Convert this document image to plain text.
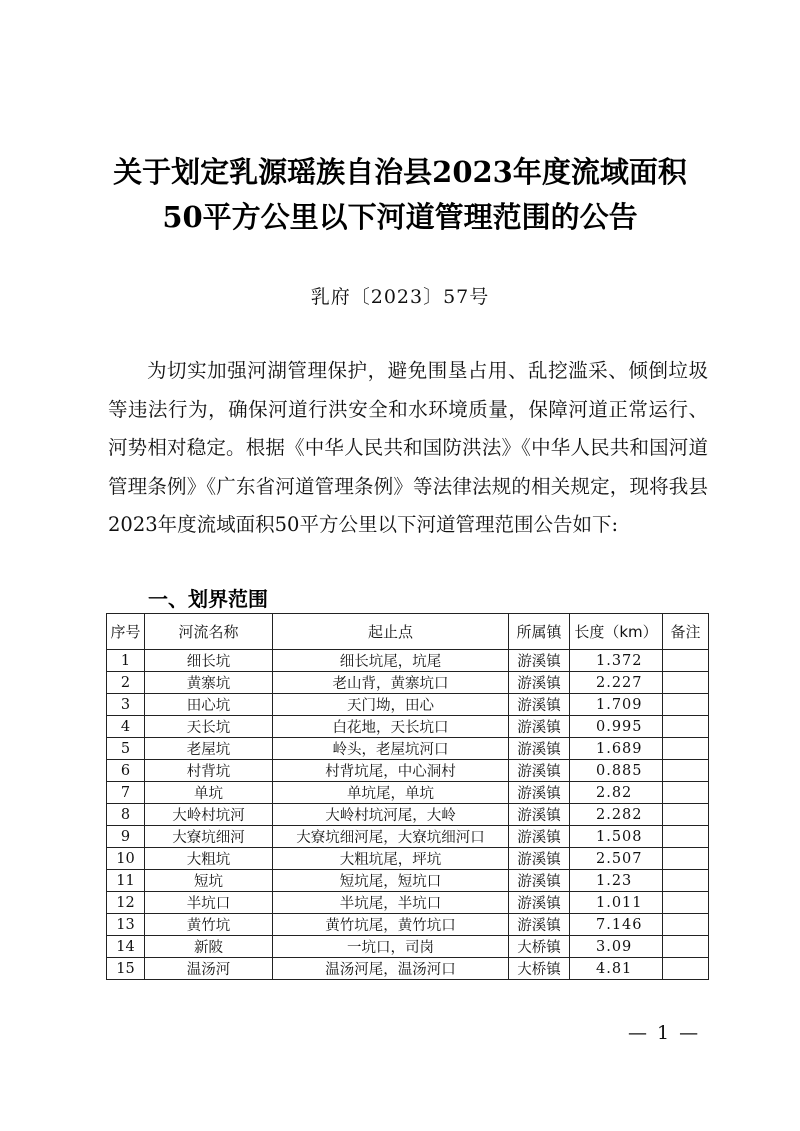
关于划定乳源瑶族自治县2023年度流域面积
50平方公里以下河道管理范围的公告
乳府〔2023〕57号

为切实加强河湖管理保护，避免围垦占用、乱挖滥采、倾倒垃圾等违法行为，确保河道行洪安全和水环境质量，保障河道正常运行、河势相对稳定。根据《中华人民共和国防洪法》《中华人民共和国河道管理条例》《广东省河道管理条例》等法律法规的相关规定，现将我县2023年度流域面积50平方公里以下河道管理范围公告如下:

一、划界范围
序号	河流名称	起止点	所属镇	长度（km）	备注
1	细长坑	细长坑尾，坑尾	游溪镇	1.372	
2	黄寨坑	老山背，黄寨坑口	游溪镇	2.227	
3	田心坑	天门坳，田心	游溪镇	1.709	
4	天长坑	白花地，天长坑口	游溪镇	0.995	
5	老屋坑	岭头，老屋坑河口	游溪镇	1.689	
6	村背坑	村背坑尾，中心洞村	游溪镇	0.885	
7	单坑	单坑尾，单坑	游溪镇	2.82	
8	大岭村坑河	大岭村坑河尾，大岭	游溪镇	2.282	
9	大寮坑细河	大寮坑细河尾，大寮坑细河口	游溪镇	1.508	
10	大粗坑	大粗坑尾，坪坑	游溪镇	2.507	
11	短坑	短坑尾，短坑口	游溪镇	1.23	
12	半坑口	半坑尾，半坑口	游溪镇	1.011	
13	黄竹坑	黄竹坑尾，黄竹坑口	游溪镇	7.146	
14	新陂	一坑口，司岗	大桥镇	3.09	
15	温汤河	温汤河尾，温汤河口	大桥镇	4.81	
— 1 —
